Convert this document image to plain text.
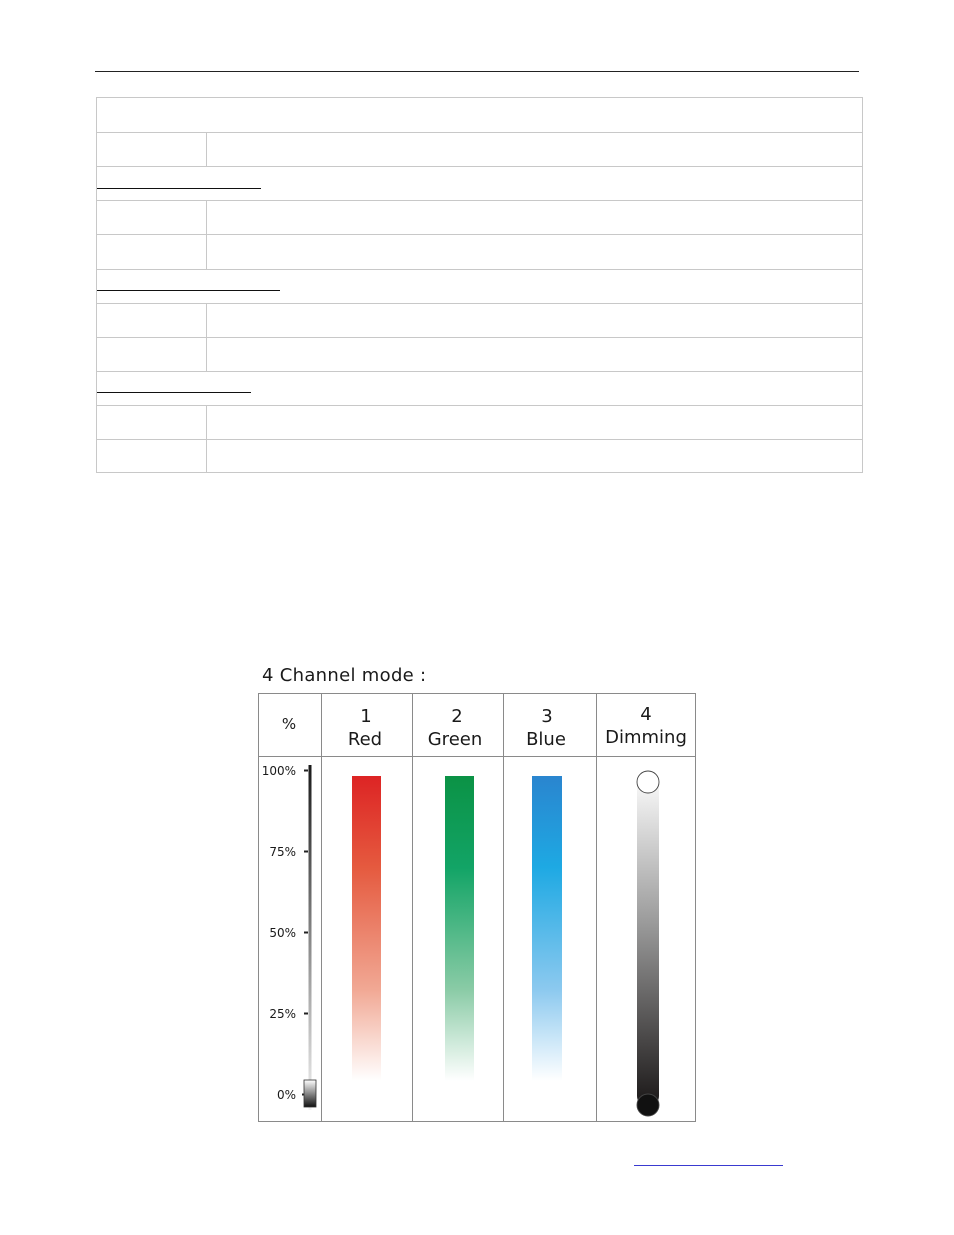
4 Channel mode :
%	1
Red
2
Green
3
Blue
4
Dimming
100%
75%
50%
25%
0%
